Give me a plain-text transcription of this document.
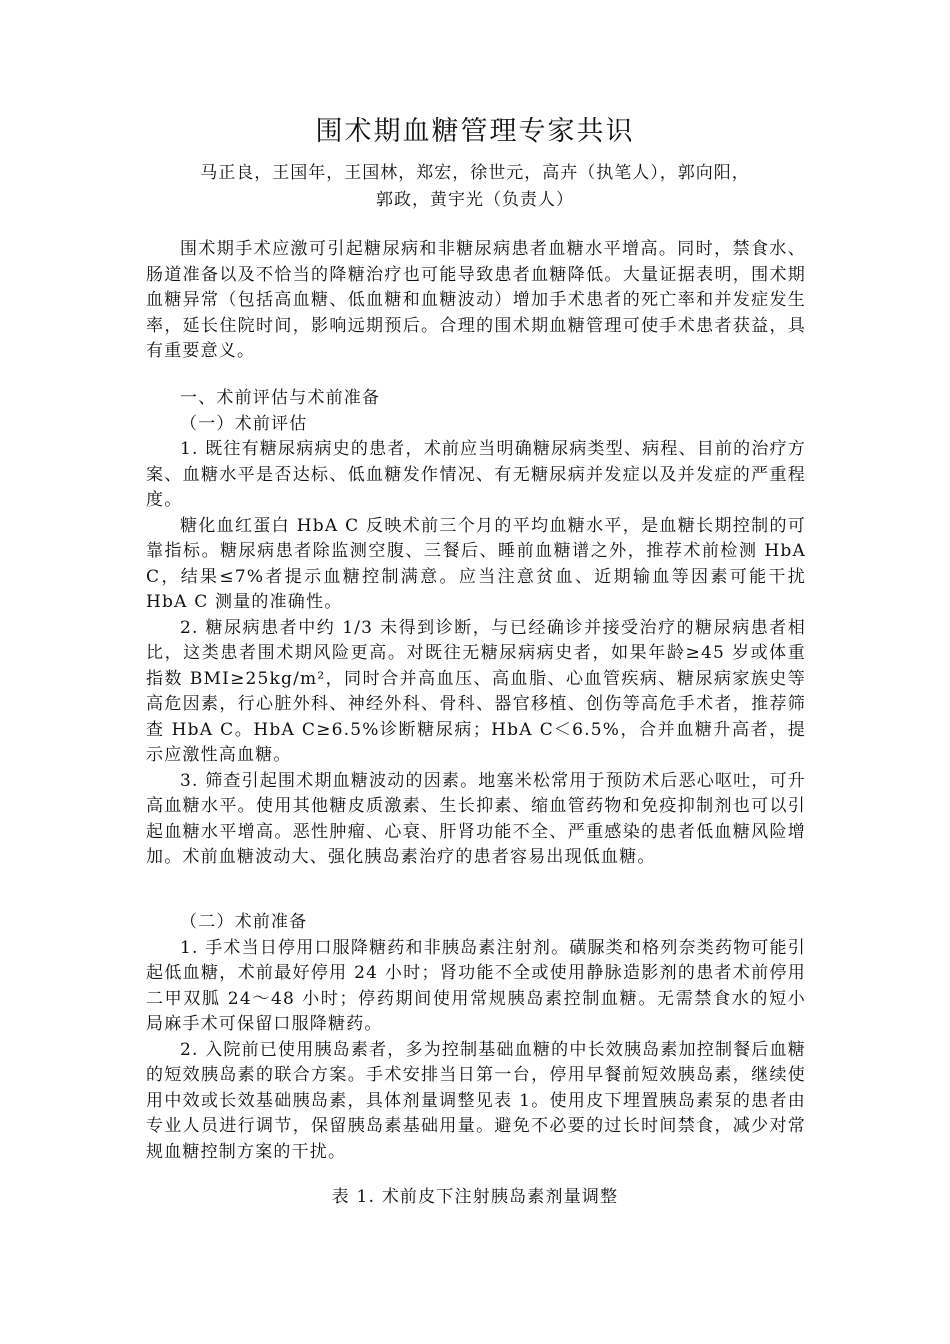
围术期血糖管理专家共识
马正良，王国年，王国林，郑宏，徐世元，高卉（执笔人），郭向阳，
郭政，黄宇光（负责人）

围术期手术应激可引起糖尿病和非糖尿病患者血糖水平增高。同时，禁食水、肠道准备以及不恰当的降糖治疗也可能导致患者血糖降低。大量证据表明，围术期血糖异常（包括高血糖、低血糖和血糖波动）增加手术患者的死亡率和并发症发生率，延长住院时间，影响远期预后。合理的围术期血糖管理可使手术患者获益，具有重要意义。

一、术前评估与术前准备

（一）术前评估

1. 既往有糖尿病病史的患者，术前应当明确糖尿病类型、病程、目前的治疗方案、血糖水平是否达标、低血糖发作情况、有无糖尿病并发症以及并发症的严重程度。

糖化血红蛋白 HbA C 反映术前三个月的平均血糖水平，是血糖长期控制的可靠指标。糖尿病患者除监测空腹、三餐后、睡前血糖谱之外，推荐术前检测 HbA C，结果≤7%者提示血糖控制满意。应当注意贫血、近期输血等因素可能干扰 HbA C 测量的准确性。

2. 糖尿病患者中约 1/3 未得到诊断，与已经确诊并接受治疗的糖尿病患者相比，这类患者围术期风险更高。对既往无糖尿病病史者，如果年龄≥45 岁或体重指数 BMI≥25kg/m²，同时合并高血压、高血脂、心血管疾病、糖尿病家族史等高危因素，行心脏外科、神经外科、骨科、器官移植、创伤等高危手术者，推荐筛查 HbA C。HbA C≥6.5%诊断糖尿病；HbA C＜6.5%，合并血糖升高者，提示应激性高血糖。

3. 筛查引起围术期血糖波动的因素。地塞米松常用于预防术后恶心呕吐，可升高血糖水平。使用其他糖皮质激素、生长抑素、缩血管药物和免疫抑制剂也可以引起血糖水平增高。恶性肿瘤、心衰、肝肾功能不全、严重感染的患者低血糖风险增加。术前血糖波动大、强化胰岛素治疗的患者容易出现低血糖。

（二）术前准备

1. 手术当日停用口服降糖药和非胰岛素注射剂。磺脲类和格列奈类药物可能引起低血糖，术前最好停用 24 小时；肾功能不全或使用静脉造影剂的患者术前停用二甲双胍 24～48 小时；停药期间使用常规胰岛素控制血糖。无需禁食水的短小局麻手术可保留口服降糖药。

2. 入院前已使用胰岛素者，多为控制基础血糖的中长效胰岛素加控制餐后血糖的短效胰岛素的联合方案。手术安排当日第一台，停用早餐前短效胰岛素，继续使用中效或长效基础胰岛素，具体剂量调整见表 1。使用皮下埋置胰岛素泵的患者由专业人员进行调节，保留胰岛素基础用量。避免不必要的过长时间禁食，减少对常规血糖控制方案的干扰。

表 1. 术前皮下注射胰岛素剂量调整
